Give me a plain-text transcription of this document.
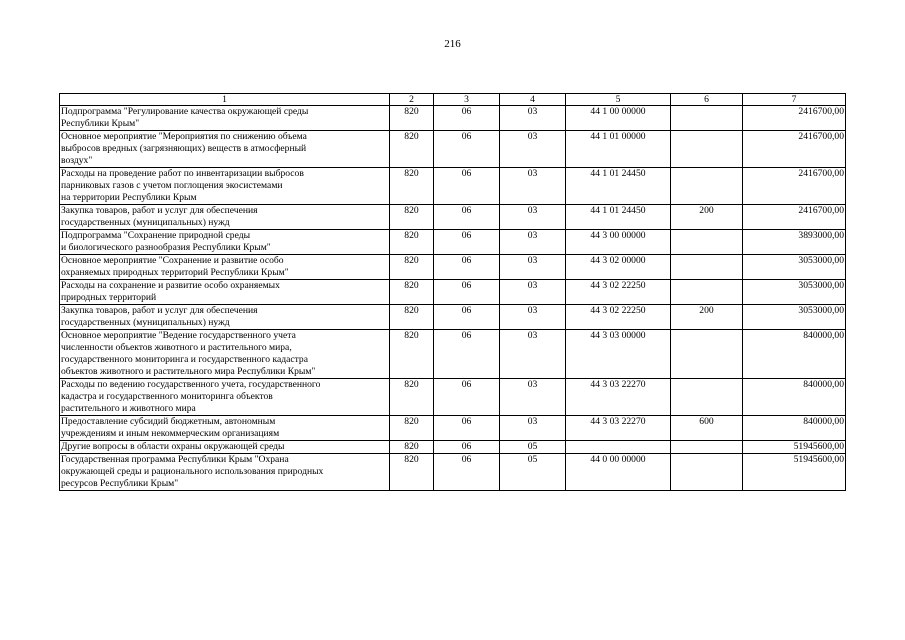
216
1	2	3	4	5	6	7
Подпрограмма "Регулирование качества окружающей среды
Республики Крым"	820	06	03	44 1 00 00000		2416700,00
Основное мероприятие "Мероприятия по снижению объема
выбросов вредных (загрязняющих) веществ в атмосферный
воздух"	820	06	03	44 1 01 00000		2416700,00
Расходы на проведение работ по инвентаризации выбросов
парниковых газов с учетом поглощения экосистемами
на территории Республики Крым	820	06	03	44 1 01 24450		2416700,00
Закупка товаров, работ и услуг для обеспечения
государственных (муниципальных) нужд	820	06	03	44 1 01 24450	200	2416700,00
Подпрограмма "Сохранение природной среды
и биологического разнообразия Республики Крым"	820	06	03	44 3 00 00000		3893000,00
Основное мероприятие "Сохранение и развитие особо
охраняемых природных территорий Республики Крым"	820	06	03	44 3 02 00000		3053000,00
Расходы на сохранение и развитие особо охраняемых
природных территорий	820	06	03	44 3 02 22250		3053000,00
Закупка товаров, работ и услуг для обеспечения
государственных (муниципальных) нужд	820	06	03	44 3 02 22250	200	3053000,00
Основное мероприятие "Ведение государственного учета
численности объектов животного и растительного мира,
государственного мониторинга и государственного кадастра
объектов животного и растительного мира Республики Крым"	820	06	03	44 3 03 00000		840000,00
Расходы по ведению государственного учета, государственного
кадастра и государственного мониторинга объектов
растительного и животного мира	820	06	03	44 3 03 22270		840000,00
Предоставление субсидий бюджетным, автономным
учреждениям и иным некоммерческим организациям	820	06	03	44 3 03 22270	600	840000,00
Другие вопросы в области охраны окружающей среды	820	06	05			51945600,00
Государственная программа Республики Крым "Охрана
окружающей среды и рационального использования природных
ресурсов Республики Крым"	820	06	05	44 0 00 00000		51945600,00
